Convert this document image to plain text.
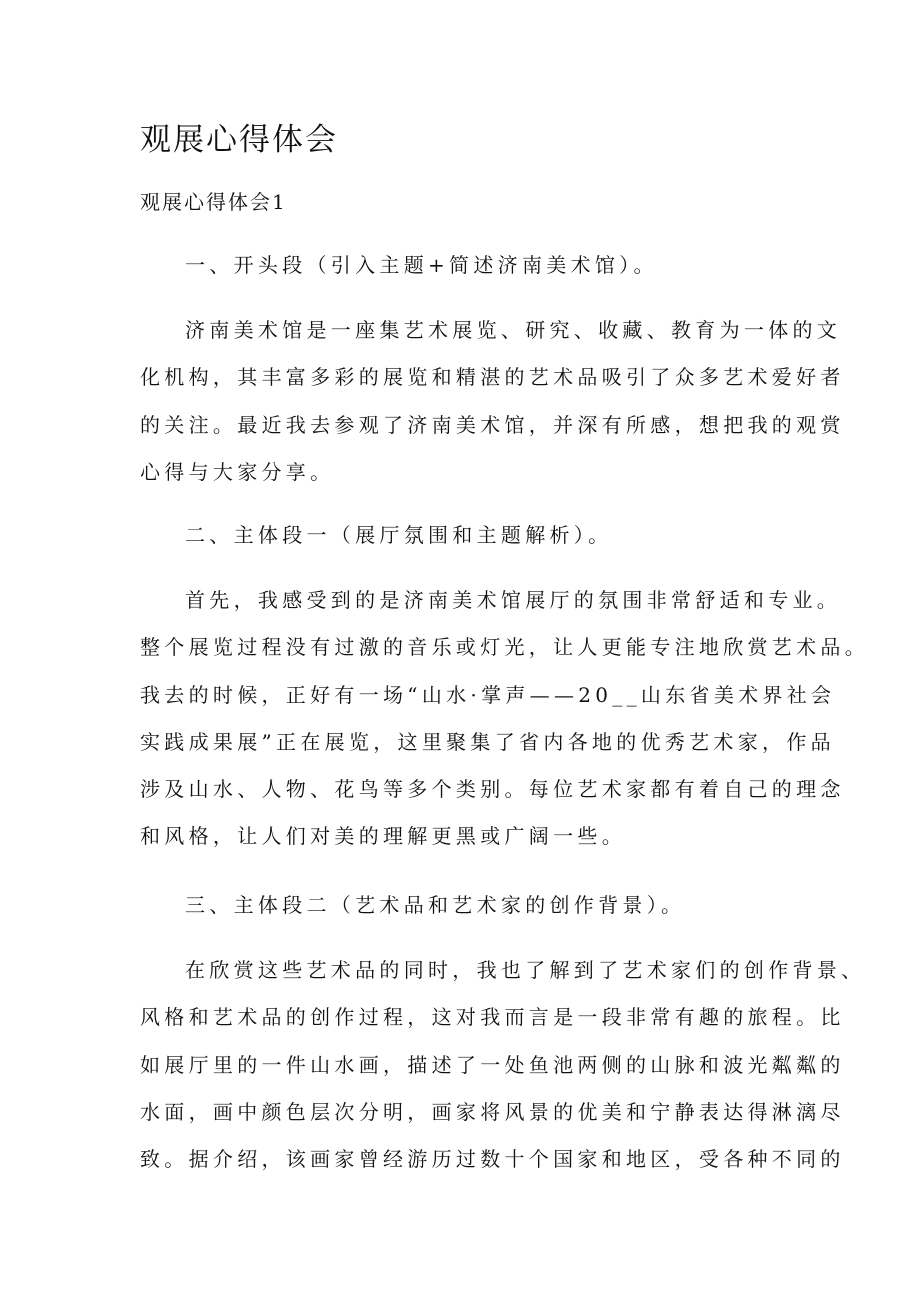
观展心得体会
观展心得体会1
一、开头段（引入主题+简述济南美术馆）。
济南美术馆是一座集艺术展览、研究、收藏、教育为一体的文
化机构，其丰富多彩的展览和精湛的艺术品吸引了众多艺术爱好者
的关注。最近我去参观了济南美术馆，并深有所感，想把我的观赏
心得与大家分享。
二、主体段一（展厅氛围和主题解析）。
首先，我感受到的是济南美术馆展厅的氛围非常舒适和专业。
整个展览过程没有过激的音乐或灯光，让人更能专注地欣赏艺术品。
我去的时候，正好有一场“山水·掌声——20__山东省美术界社会
实践成果展”正在展览，这里聚集了省内各地的优秀艺术家，作品
涉及山水、人物、花鸟等多个类别。每位艺术家都有着自己的理念
和风格，让人们对美的理解更黑或广阔一些。
三、主体段二（艺术品和艺术家的创作背景）。
在欣赏这些艺术品的同时，我也了解到了艺术家们的创作背景、
风格和艺术品的创作过程，这对我而言是一段非常有趣的旅程。比
如展厅里的一件山水画，描述了一处鱼池两侧的山脉和波光粼粼的
水面，画中颜色层次分明，画家将风景的优美和宁静表达得淋漓尽
致。据介绍，该画家曾经游历过数十个国家和地区，受各种不同的
